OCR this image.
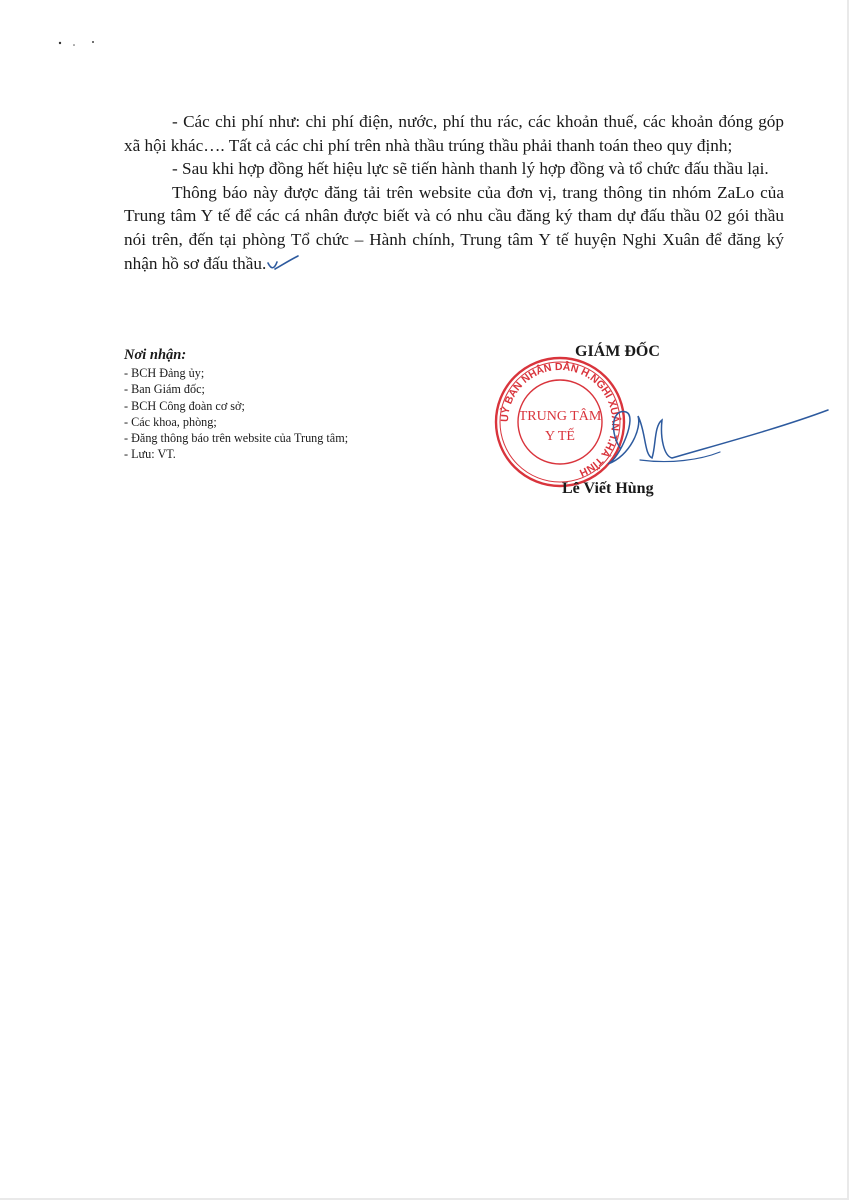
- Các chi phí như: chi phí điện, nước, phí thu rác, các khoản thuế, các khoản đóng góp xã hội khác…. Tất cả các chi phí trên nhà thầu trúng thầu phải thanh toán theo quy định;

- Sau khi hợp đồng hết hiệu lực sẽ tiến hành thanh lý hợp đồng và tổ chức đấu thầu lại.

Thông báo này được đăng tải trên website của đơn vị, trang thông tin nhóm ZaLo của Trung tâm Y tế để các cá nhân được biết và có nhu cầu đăng ký tham dự đấu thầu 02 gói thầu nói trên, đến tại phòng Tổ chức – Hành chính, Trung tâm Y tế huyện Nghi Xuân để đăng ký nhận hồ sơ đấu thầu.

Nơi nhận:
- BCH Đảng ủy;
- Ban Giám đốc;
- BCH Công đoàn cơ sở;
- Các khoa, phòng;
- Đăng thông báo trên website của Trung tâm;
- Lưu: VT.
UỶ BAN NHÂN DÂN H.NGHI XUÂN T.HÀ TĨNH
TRUNG TÂM
Y TẾ
GIÁM ĐỐC
Lê Viết Hùng
